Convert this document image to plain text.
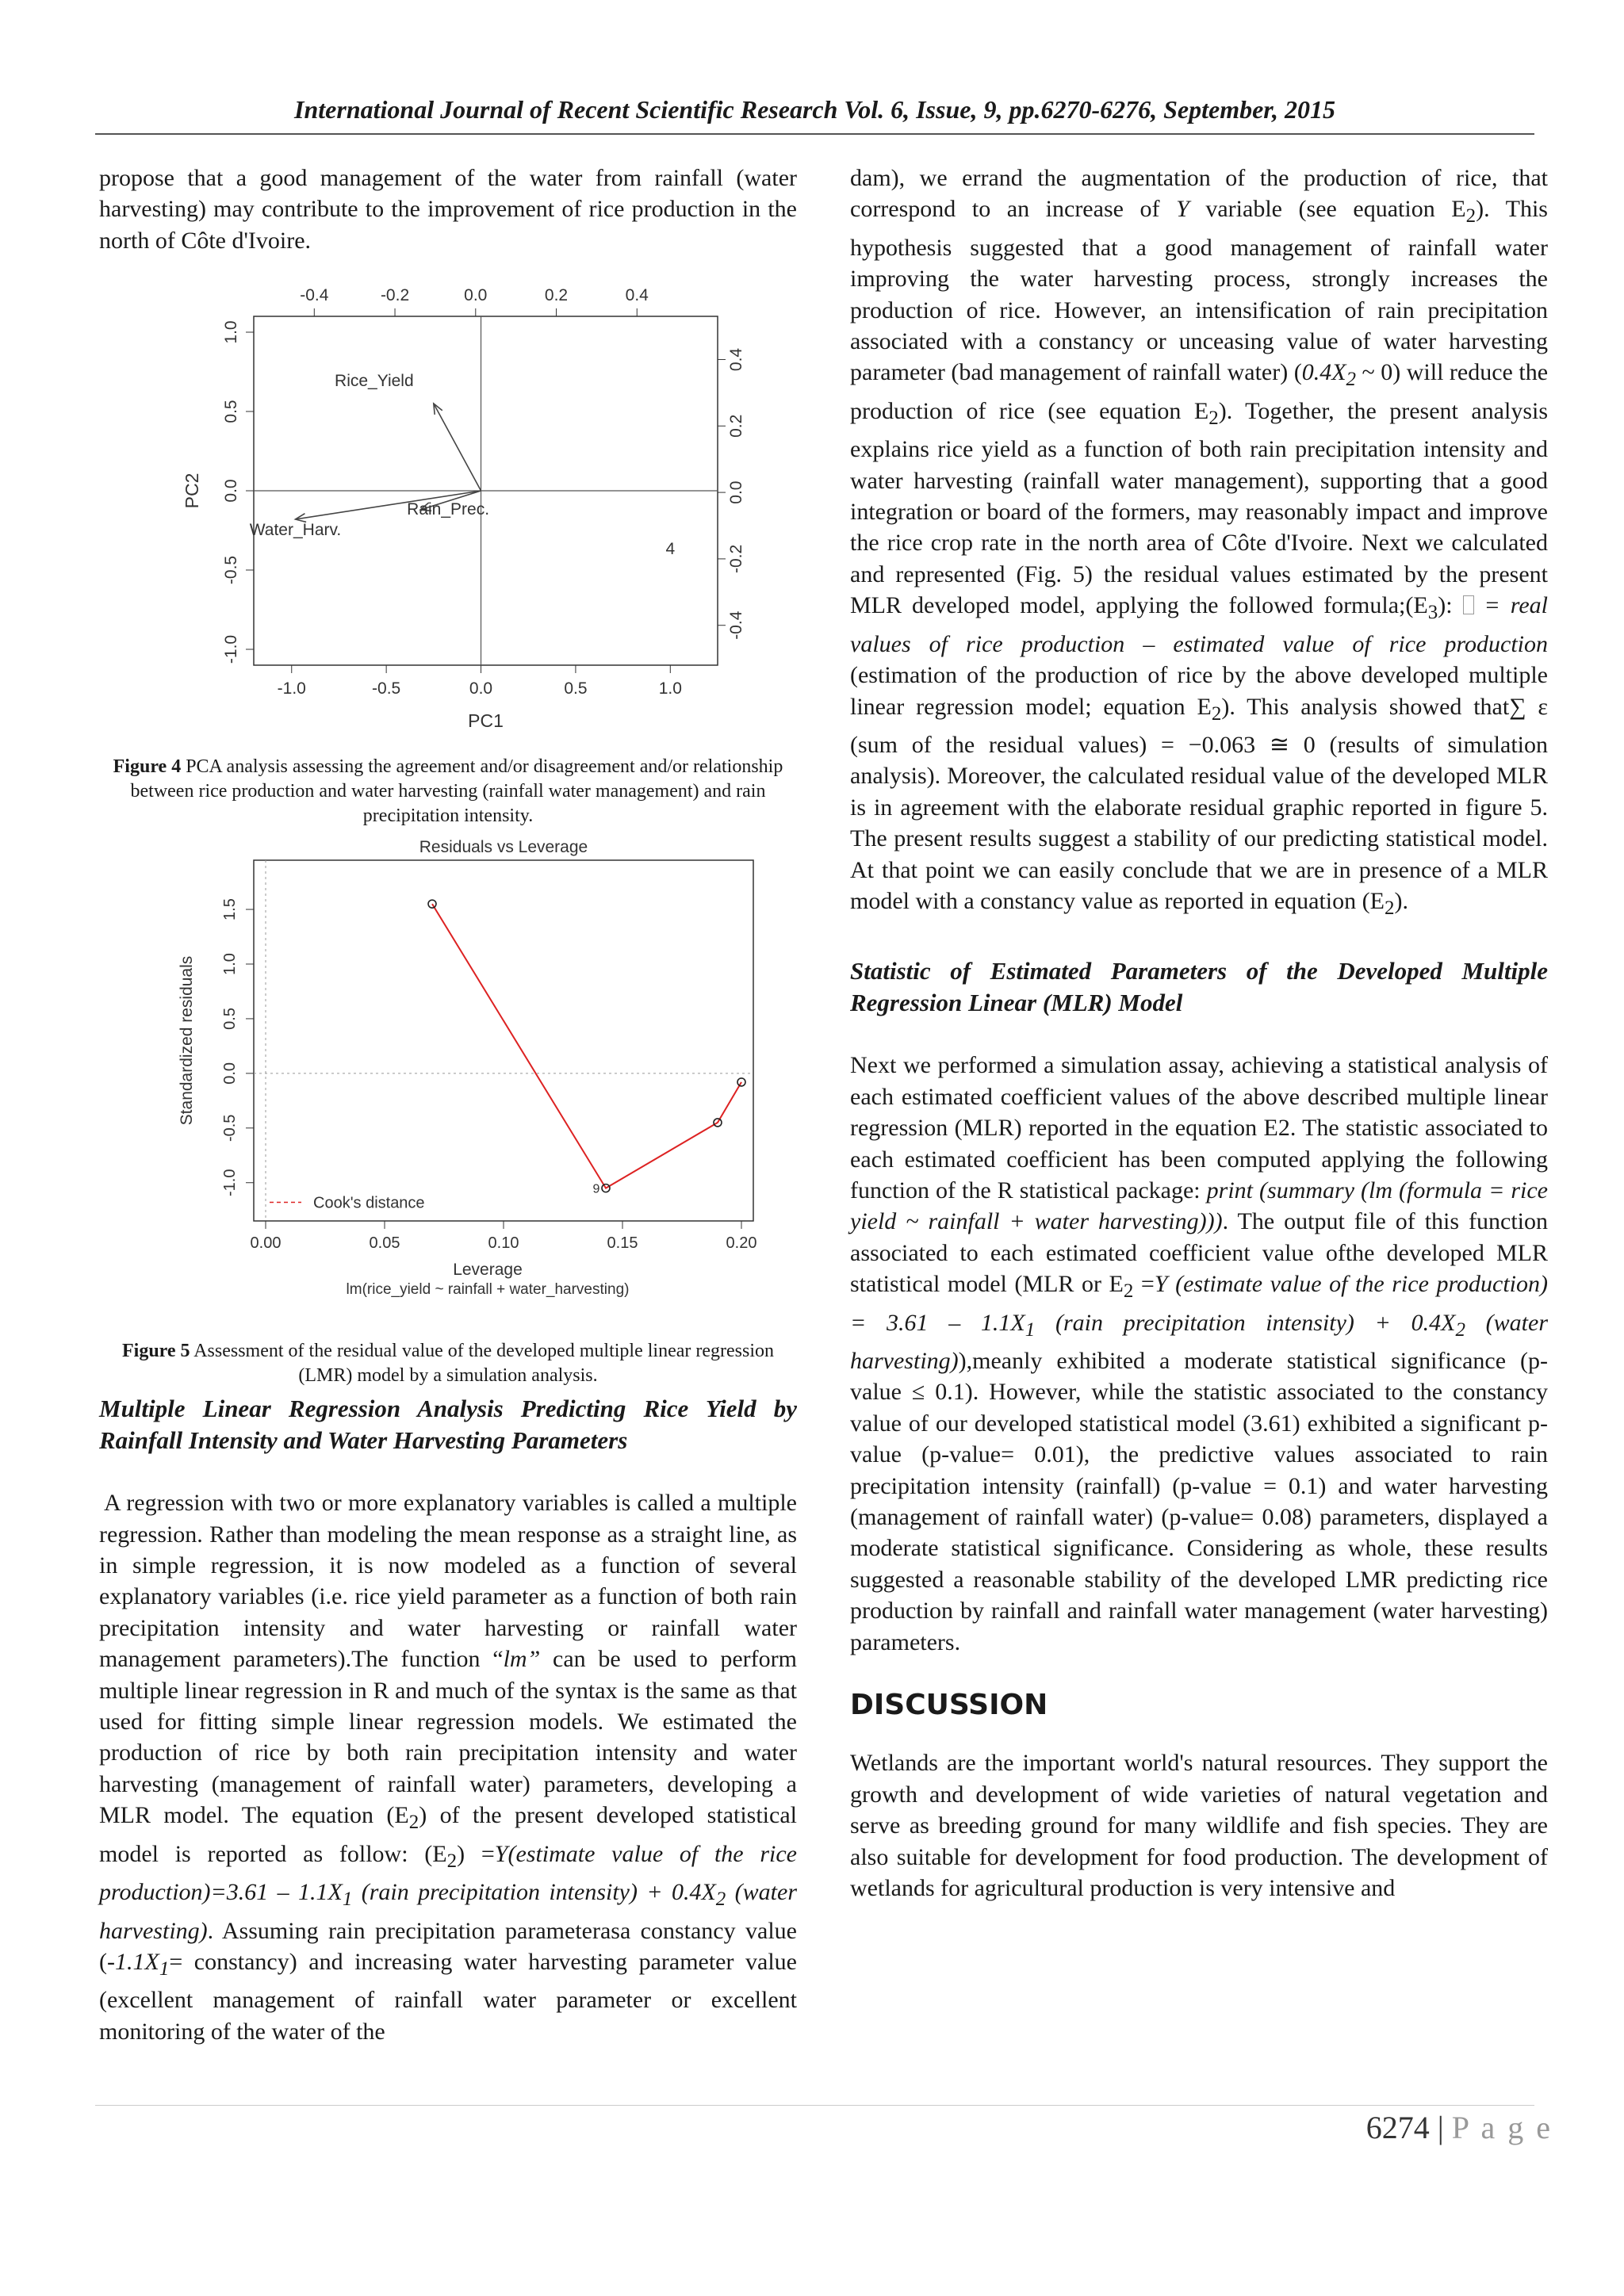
International Journal of Recent Scientific Research Vol. 6, Issue, 9, pp.6270-6276, September, 2015

propose that a good management of the water from rainfall (water harvesting) may contribute to the improvement of rice production in the north of Côte d'Ivoire.

-1.0	-0.5	0.0	0.5	1.0
-1.0
-0.5
0.0
0.5
1.0
-0.4	-0.2	0.0	0.2	0.4
-0.4
-0.2
0.0
0.2
0.4
PC1
PC2
Rice_Yield
Water_Harv.
Rain_Prec.
4

Figure 4 PCA analysis assessing the agreement and/or disagreement and/or relationship between rice production and water harvesting (rainfall water management) and rain precipitation intensity.

Residuals vs Leverage
0.00	0.05	0.10	0.15	0.20
-1.0
-0.5
0.0
0.5
1.0
1.5
Leverage
lm(rice_yield ~ rainfall + water_harvesting)
Standardized residuals
9
Cook's distance

Figure 5 Assessment of the residual value of the developed multiple linear regression (LMR) model by a simulation analysis.

Multiple Linear Regression Analysis Predicting Rice Yield by Rainfall Intensity and Water Harvesting Parameters

A regression with two or more explanatory variables is called a multiple regression. Rather than modeling the mean response as a straight line, as in simple regression, it is now modeled as a function of several explanatory variables (i.e. rice yield parameter as a function of both rain precipitation intensity and water harvesting or rainfall water management parameters).The function “lm” can be used to perform multiple linear regression in R and much of the syntax is the same as that used for fitting simple linear regression models. We estimated the production of rice by both rain precipitation intensity and water harvesting (management of rainfall water) parameters, developing a MLR model. The equation $(E_2)$ of the present developed statistical model is reported as follow: $(E_2)$ =Y(estimate value of the rice production)=3.61 – $1.1X_1$ (rain precipitation intensity) + $0.4X_2$ (water harvesting). Assuming rain precipitation parameterasa constancy value ($-1.1X_1=$ constancy) and increasing water harvesting parameter value (excellent management of rainfall water parameter or excellent monitoring of the water of the

dam), we errand the augmentation of the production of rice, that correspond to an increase of Y variable (see equation $E_2$). This hypothesis suggested that a good management of rainfall water improving the water harvesting process, strongly increases the production of rice. However, an intensification of rain precipitation associated with a constancy or unceasing value of water harvesting parameter (bad management of rainfall water) ($0.4X_2$ ~ 0) will reduce the production of rice (see equation $E_2$). Together, the present analysis explains rice yield as a function of both rain precipitation intensity and water harvesting (rainfall water management), supporting that a good integration or board of the formers, may reasonably impact and improve the rice crop rate in the north area of Côte d'Ivoire. Next we calculated and represented (Fig. 5) the residual values estimated by the present MLR developed model, applying the followed $formula;(E_3)$:  = real values of rice production – estimated value of rice production (estimation of the production of rice by the above developed multiple linear regression model; equation $E_2$). This analysis showed that∑ ε (sum of the residual values) = −0.063 ≅ 0 (results of simulation analysis). Moreover, the calculated residual value of the developed MLR is in agreement with the elaborate residual graphic reported in figure 5. The present results suggest a stability of our predicting statistical model. At that point we can easily conclude that we are in presence of a MLR model with a constancy value as reported in equation $(E_2)$.

Statistic of Estimated Parameters of the Developed Multiple Regression Linear (MLR) Model

Next we performed a simulation assay, achieving a statistical analysis of each estimated coefficient values of the above described multiple linear regression (MLR) reported in the equation E2. The statistic associated to each estimated coefficient has been computed applying the following function of the R statistical package: print (summary (lm (formula = rice yield ~ rainfall + water harvesting))). The output file of this function associated to each estimated coefficient value ofthe developed MLR statistical model (MLR or $E_2 =Y$ (estimate value of the rice production) = $3.61 - 1.1X_1$ (rain precipitation intensity) + $0.4X_2$ (water harvesting)),meanly exhibited a moderate statistical significance (p-value ≤ 0.1). However, while the statistic associated to the constancy value of our developed statistical model (3.61) exhibited a significant p-value (p-value= 0.01), the predictive values associated to rain precipitation intensity (rainfall) (p-value = 0.1) and water harvesting (management of rainfall water) (p-value= 0.08) parameters, displayed a moderate statistical significance. Considering as whole, these results suggested a reasonable stability of the developed LMR predicting rice production by rainfall and rainfall water management (water harvesting) parameters.

DISCUSSION

Wetlands are the important world's natural resources. They support the growth and development of wide varieties of natural vegetation and serve as breeding ground for many wildlife and fish species. They are also suitable for development for food production. The development of wetlands for agricultural production is very intensive and

6274 | P a g e
